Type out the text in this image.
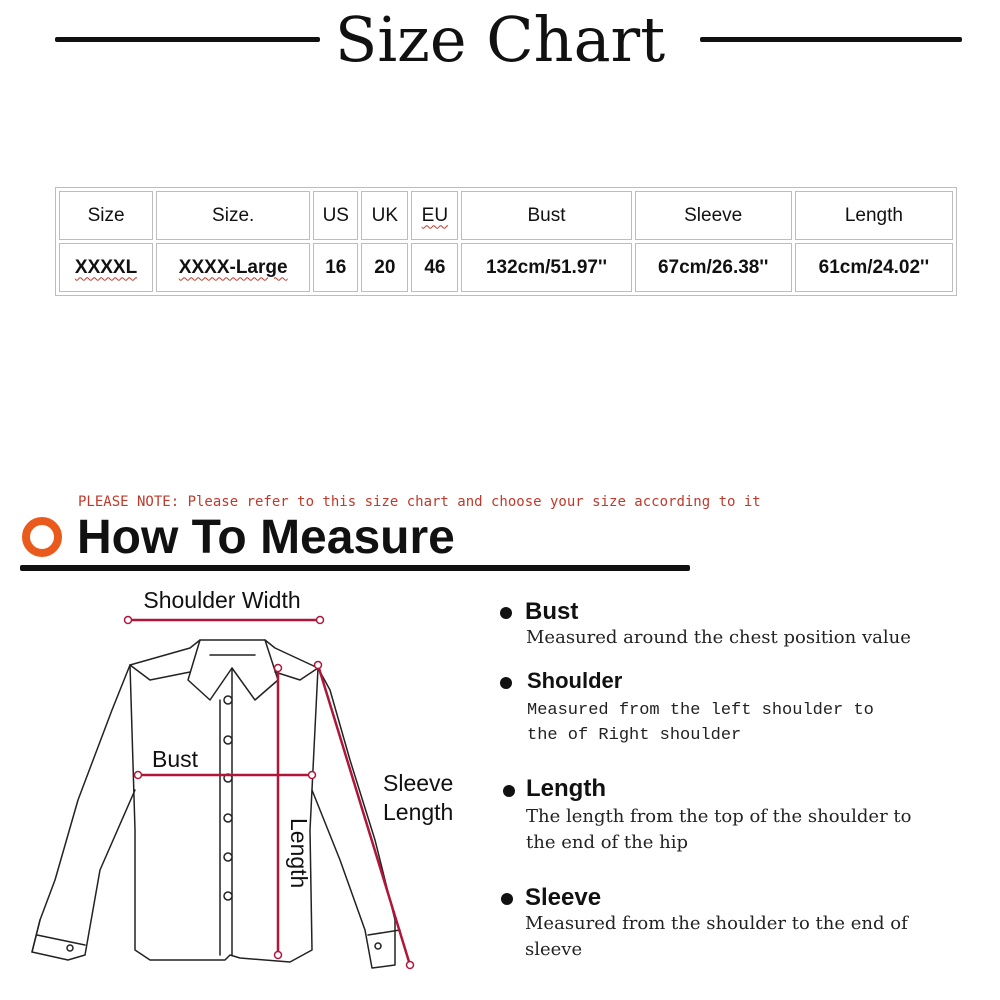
Size Chart
Size	Size.	US	UK	EU	Bust	Sleeve	Length
XXXXL	XXXX-Large	16	20	46	132cm/51.97''	67cm/26.38''	61cm/24.02''
PLEASE NOTE: Please refer to this size chart and choose your size according to it
How To Measure
Shoulder Width
Bust
Length
Sleeve
Length
Bust
Measured around the chest position value
Shoulder
Measured from the left shoulder to the of Right shoulder
Length
The length from the top of the shoulder to the end of the hip
Sleeve
Measured from the shoulder to the end of sleeve
